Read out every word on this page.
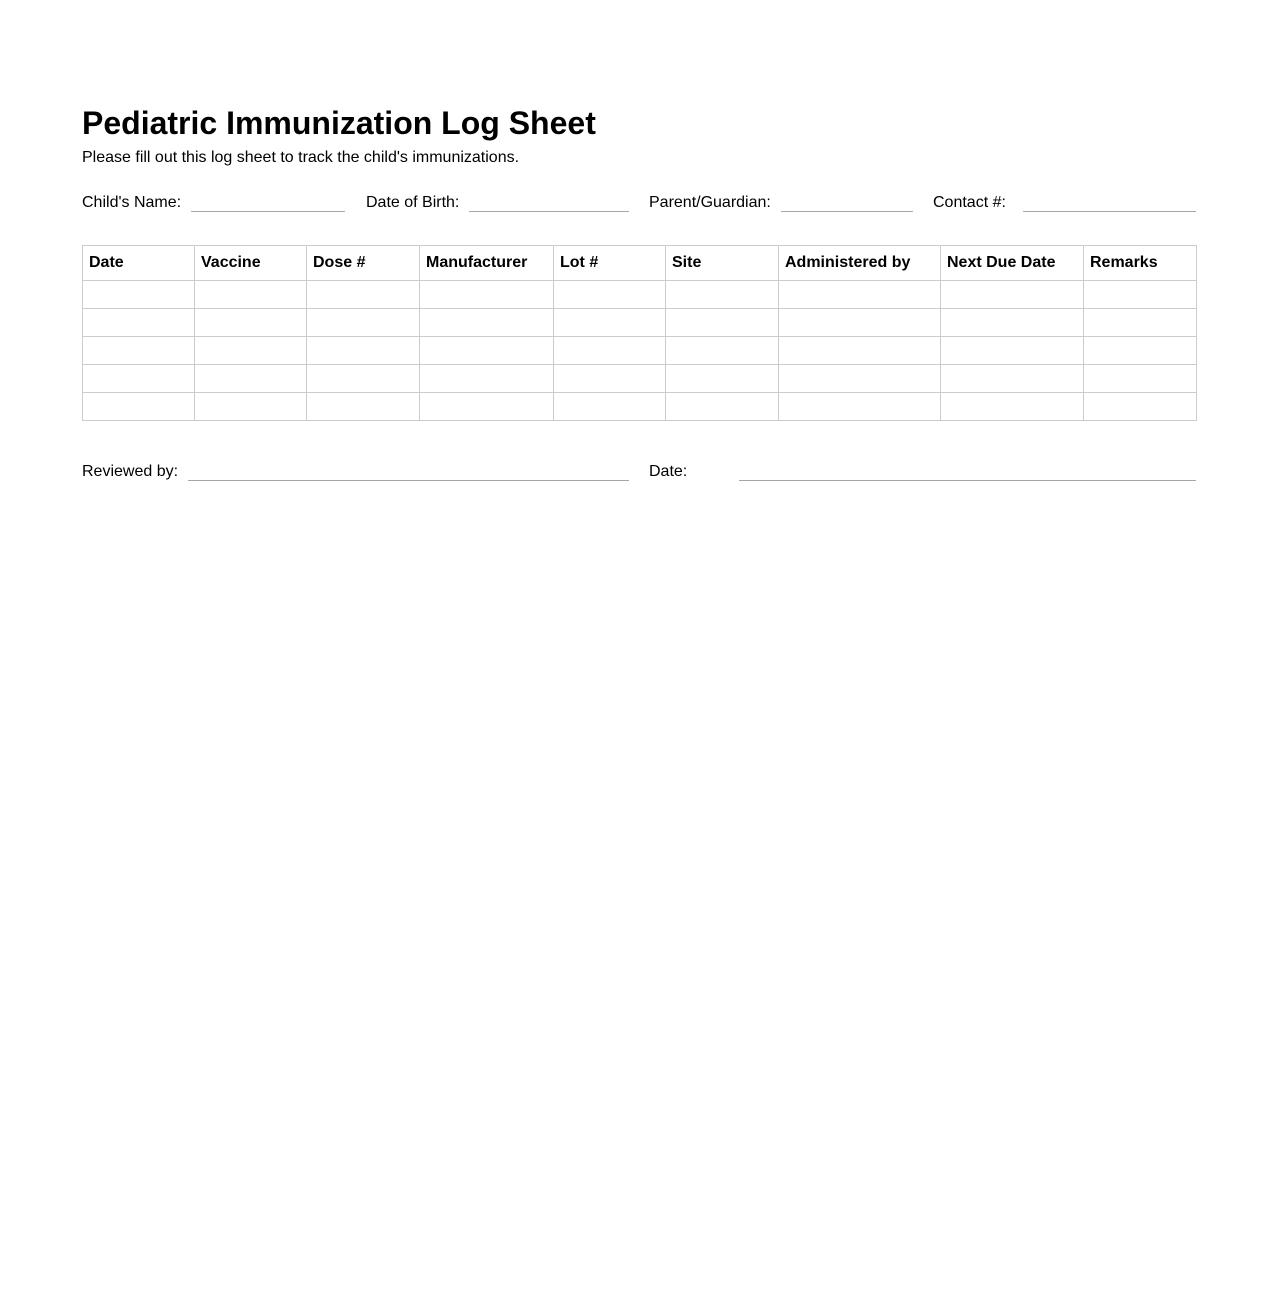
Pediatric Immunization Log Sheet

Please fill out this log sheet to track the child's immunizations.

Child's Name:	Date of Birth:	Parent/Guardian:	Contact #:
Date	Vaccine	Dose #	Manufacturer	Lot #	Site	Administered by	Next Due Date	Remarks

Reviewed by:	Date:
